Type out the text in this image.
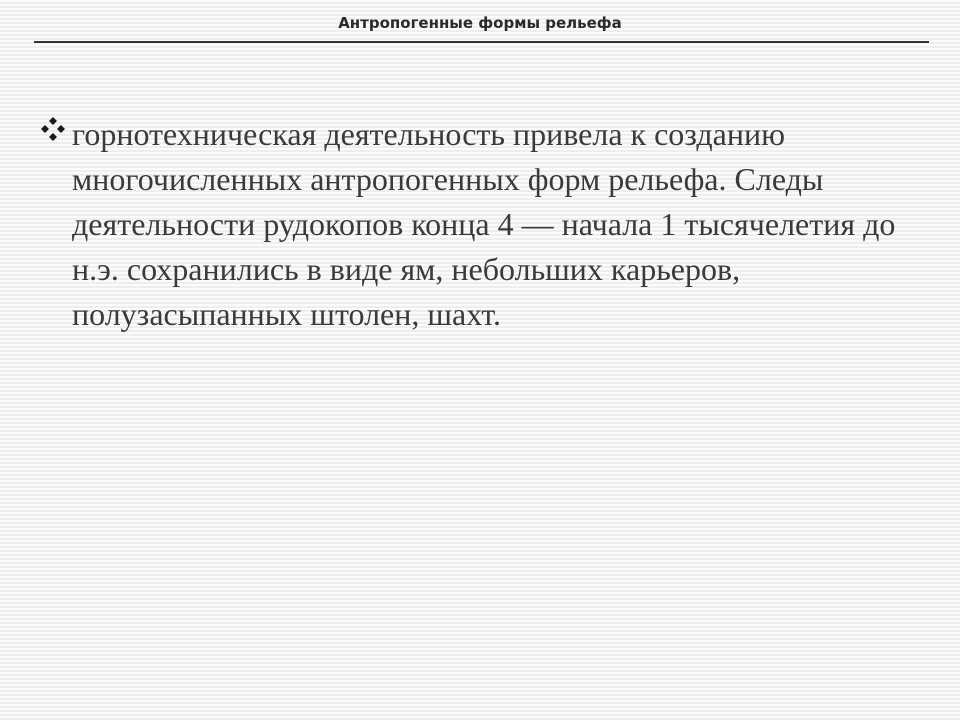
Антропогенные формы рельефа

горнотехническая деятельность привела к созданию многочисленных антропогенных форм рельефа. Следы деятельности рудокопов конца 4 — начала 1 тысячелетия до н.э. сохранились в виде ям, небольших карьеров, полузасыпанных штолен, шахт.
